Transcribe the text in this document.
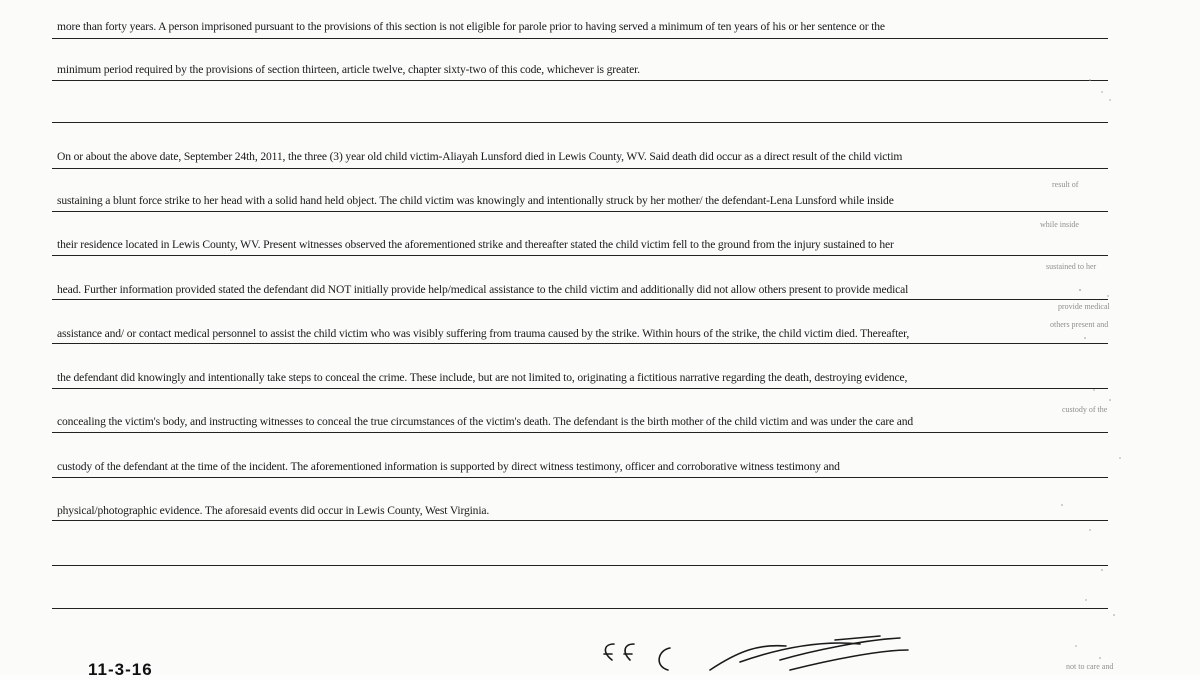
more than forty years. A person imprisoned pursuant to the provisions of this section is not eligible for parole prior to having served a minimum of ten years of his or her sentence or the
minimum period required by the provisions of section thirteen, article twelve, chapter sixty-two of this code, whichever is greater.
On or about the above date, September 24th, 2011, the three (3) year old child victim-Aliayah Lunsford died in Lewis County, WV. Said death did occur as a direct result of the child victim
sustaining a blunt force strike to her head with a solid hand held object. The child victim was knowingly and intentionally struck by her mother/ the defendant-Lena Lunsford while inside
their residence located in Lewis County, WV. Present witnesses observed the aforementioned strike and thereafter stated the child victim fell to the ground from the injury sustained to her
head. Further information provided stated the defendant did NOT initially provide help/medical assistance to the child victim and additionally did not allow others present to provide medical
assistance and/ or contact medical personnel to assist the child victim who was visibly suffering from trauma caused by the strike. Within hours of the strike, the child victim died. Thereafter,
the defendant did knowingly and intentionally take steps to conceal the crime. These include, but are not limited to, originating a fictitious narrative regarding the death, destroying evidence,
concealing the victim's body, and instructing witnesses to conceal the true circumstances of the victim's death. The defendant is the birth mother of the child victim and was under the care and
custody of the defendant at the time of the incident. The aforementioned information is supported by direct witness testimony, officer and corroborative witness testimony and
physical/photographic evidence. The aforesaid events did occur in Lewis County, West Virginia.
result of
while inside
sustained to her
provide medical
others present and
custody of the
not to care and
11-3-16
